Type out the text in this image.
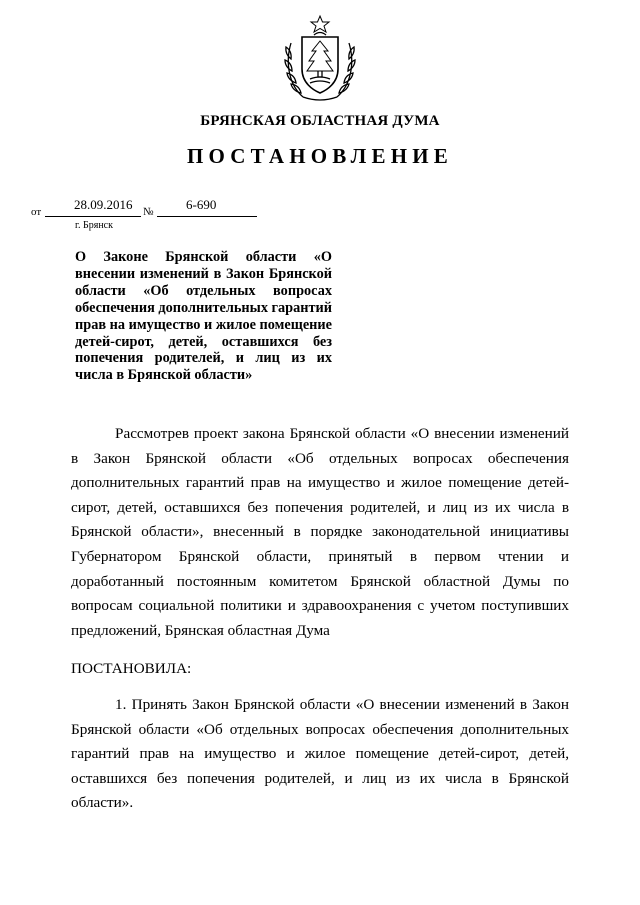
БРЯНСКАЯ ОБЛАСТНАЯ ДУМА
ПОСТАНОВЛЕНИЕ
от	28.09.2016 №	6-690
г. Брянск
О Законе Брянской области «О внесении изменений в Закон Брянской области «Об отдельных вопросах обеспечения дополнительных гарантий прав на имущество и жилое помещение детей-сирот, детей, оставшихся без попечения родителей, и лиц из их числа в Брянской области»
Рассмотрев проект закона Брянской области «О внесении изменений в Закон Брянской области «Об отдельных вопросах обеспечения дополнительных гарантий прав на имущество и жилое помещение детей-сирот, детей, оставшихся без попечения родителей, и лиц из их числа в Брянской области», внесенный в порядке законодательной инициативы Губернатором Брянской области, принятый в первом чтении и доработанный постоянным комитетом Брянской областной Думы по вопросам социальной политики и здравоохранения с учетом поступивших предложений, Брянская областная Дума
ПОСТАНОВИЛА:
1. Принять Закон Брянской области «О внесении изменений в Закон Брянской области «Об отдельных вопросах обеспечения дополнительных гарантий прав на имущество и жилое помещение детей-сирот, детей, оставшихся без попечения родителей, и лиц из их числа в Брянской области».
